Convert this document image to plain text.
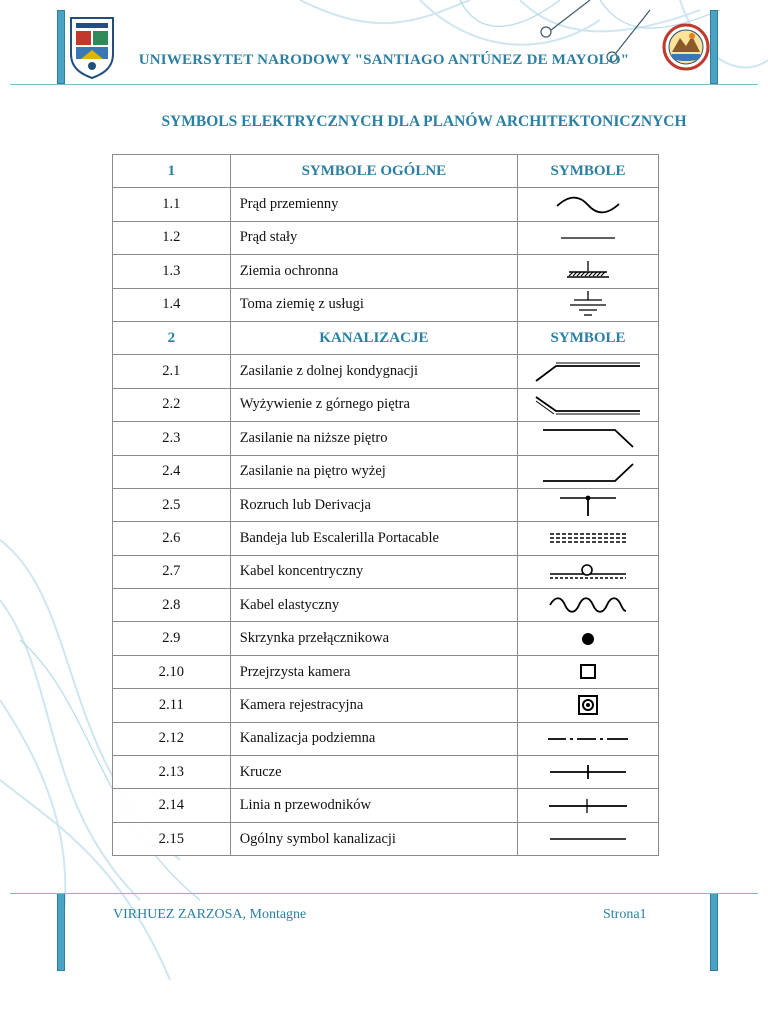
UNIWERSYTET NARODOWY "SANTIAGO ANTÚNEZ DE MAYOLO"
SYMBOLS ELEKTRYCZNYCH DLA PLANÓW ARCHITEKTONICZNYCH
1	SYMBOLE OGÓLNE	SYMBOLE
1.1	Prąd przemienny	

1.2	Prąd stały	

1.3	Ziemia ochronna	

1.4	Toma ziemię z usługi	

2	KANALIZACJE	SYMBOLE
2.1	Zasilanie z dolnej kondygnacji	

2.2	Wyżywienie z górnego piętra	

2.3	Zasilanie na niższe piętro	

2.4	Zasilanie na piętro wyżej	

2.5	Rozruch lub Derivacja	

2.6	Bandeja lub Escalerilla Portacable	

2.7	Kabel koncentryczny	

2.8	Kabel elastyczny	

2.9	Skrzynka przełącznikowa	

2.10	Przejrzysta kamera	

2.11	Kamera rejestracyjna	

2.12	Kanalizacja podziemna	

2.13	Krucze	

2.14	Linia n przewodników	

2.15	Ogólny symbol kanalizacji	
VIRHUEZ ZARZOSA, Montagne	Strona1
